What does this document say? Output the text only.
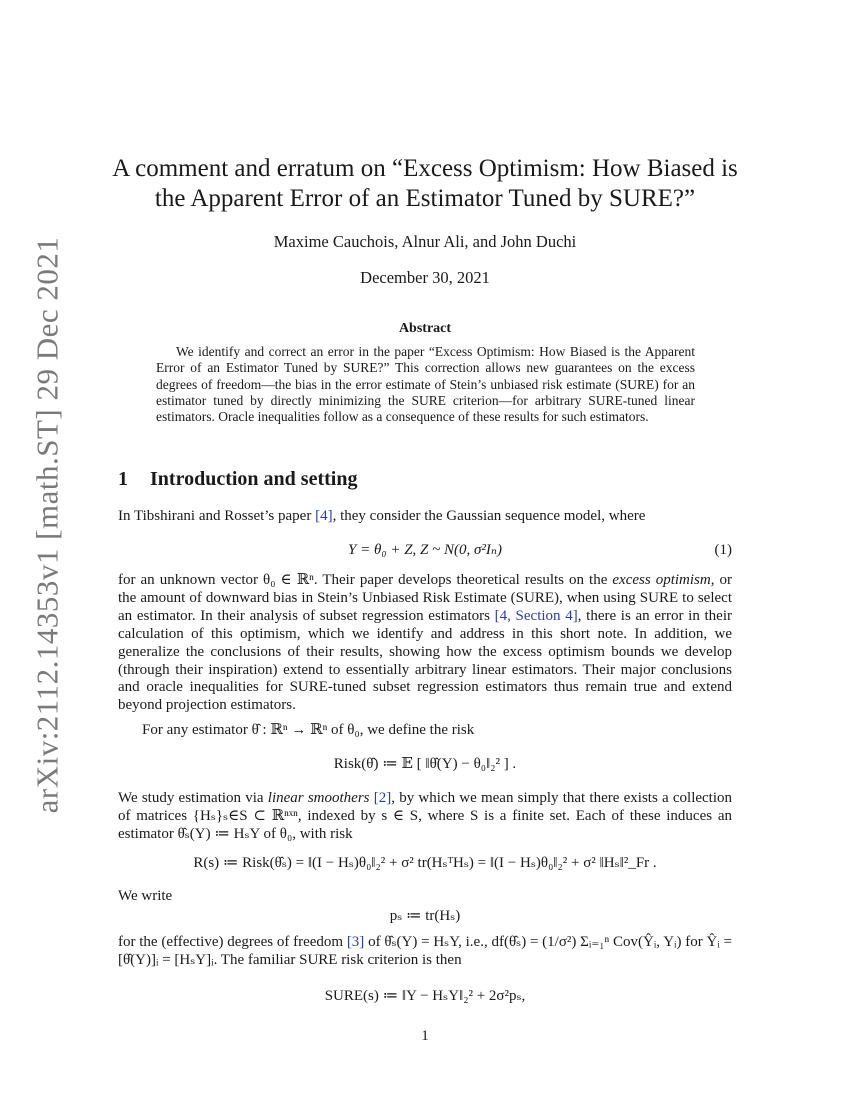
arXiv:2112.14353v1 [math.ST] 29 Dec 2021
A comment and erratum on “Excess Optimism: How Biased is
the Apparent Error of an Estimator Tuned by SURE?”
Maxime Cauchois, Alnur Ali, and John Duchi
December 30, 2021
Abstract
We identify and correct an error in the paper “Excess Optimism: How Biased is the Apparent Error of an Estimator Tuned by SURE?” This correction allows new guarantees on the excess degrees of freedom—the bias in the error estimate of Stein’s unbiased risk estimate (SURE) for an estimator tuned by directly minimizing the SURE criterion—for arbitrary SURE-tuned linear estimators. Oracle inequalities follow as a consequence of these results for such estimators.
1 Introduction and setting
In Tibshirani and Rosset’s paper [4], they consider the Gaussian sequence model, where
Y = θ₀ + Z, Z ~ N(0, σ²Iₙ)	(1)
for an unknown vector θ₀ ∈ ℝⁿ. Their paper develops theoretical results on the excess optimism, or the amount of downward bias in Stein’s Unbiased Risk Estimate (SURE), when using SURE to select an estimator. In their analysis of subset regression estimators [4, Section 4], there is an error in their calculation of this optimism, which we identify and address in this short note. In addition, we generalize the conclusions of their results, showing how the excess optimism bounds we develop (through their inspiration) extend to essentially arbitrary linear estimators. Their major conclusions and oracle inequalities for SURE-tuned subset regression estimators thus remain true and extend beyond projection estimators.
For any estimator θ̂ : ℝⁿ → ℝⁿ of θ₀, we define the risk
Risk(θ̂) ≔ 𝔼 [ ‖θ̂(Y) − θ₀‖₂² ] .
We study estimation via linear smoothers [2], by which we mean simply that there exists a collection of matrices {Hₛ}ₛ∈S ⊂ ℝⁿˣⁿ, indexed by s ∈ S, where S is a finite set. Each of these induces an estimator θ̂ₛ(Y) ≔ HₛY of θ₀, with risk
R(s) ≔ Risk(θ̂ₛ) = ‖(I − Hₛ)θ₀‖₂² + σ² tr(HₛᵀHₛ) = ‖(I − Hₛ)θ₀‖₂² + σ² ‖Hₛ‖²_Fr .
We write
pₛ ≔ tr(Hₛ)
for the (effective) degrees of freedom [3] of θ̂ₛ(Y) = HₛY, i.e., df(θ̂ₛ) = (1/σ²) Σᵢ₌₁ⁿ Cov(Ŷᵢ, Yᵢ) for Ŷᵢ = [θ̂(Y)]ᵢ = [HₛY]ᵢ. The familiar SURE risk criterion is then
SURE(s) ≔ ‖Y − HₛY‖₂² + 2σ²pₛ,
1
